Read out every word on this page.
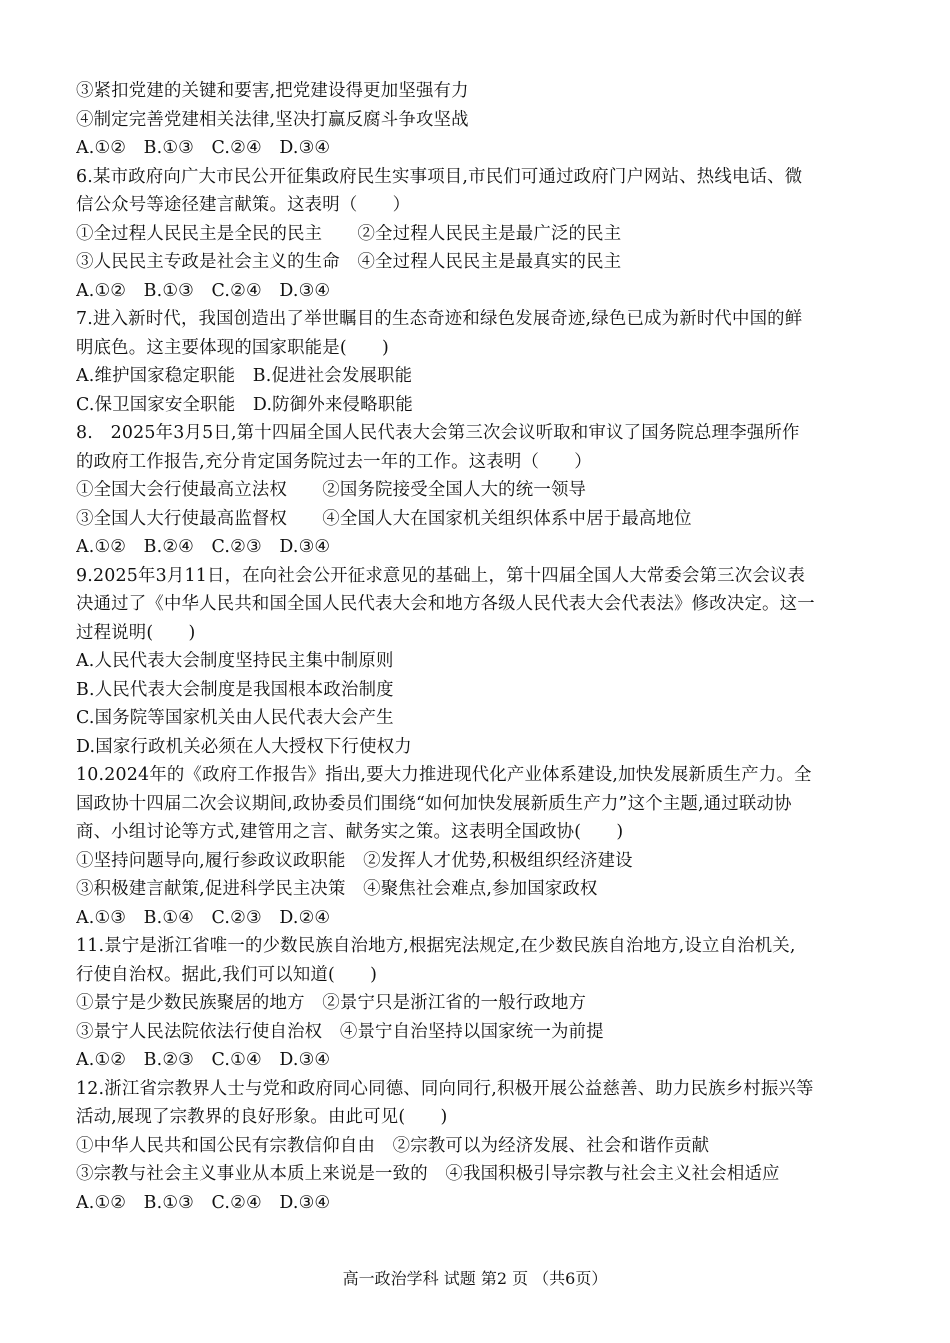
③紧扣党建的关键和要害,把党建设得更加坚强有力
④制定完善党建相关法律,坚决打赢反腐斗争攻坚战
A.①②　B.①③　C.②④　D.③④
6.某市政府向广大市民公开征集政府民生实事项目,市民们可通过政府门户网站、热线电话、微
信公众号等途径建言献策。这表明（　　）
①全过程人民民主是全民的民主　　②全过程人民民主是最广泛的民主
③人民民主专政是社会主义的生命　④全过程人民民主是最真实的民主
A.①②　B.①③　C.②④　D.③④
7.进入新时代，我国创造出了举世瞩目的生态奇迹和绿色发展奇迹,绿色已成为新时代中国的鲜
明底色。这主要体现的国家职能是(　　)
A.维护国家稳定职能　B.促进社会发展职能
C.保卫国家安全职能　D.防御外来侵略职能
8.　2025年3月5日,第十四届全国人民代表大会第三次会议听取和审议了国务院总理李强所作
的政府工作报告,充分肯定国务院过去一年的工作。这表明（　　）
①全国大会行使最高立法权　　②国务院接受全国人大的统一领导
③全国人大行使最高监督权　　④全国人大在国家机关组织体系中居于最高地位
A.①②　B.②④　C.②③　D.③④
9.2025年3月11日，在向社会公开征求意见的基础上，第十四届全国人大常委会第三次会议表
决通过了《中华人民共和国全国人民代表大会和地方各级人民代表大会代表法》修改决定。这一
过程说明(　　)
A.人民代表大会制度坚持民主集中制原则
B.人民代表大会制度是我国根本政治制度
C.国务院等国家机关由人民代表大会产生
D.国家行政机关必须在人大授权下行使权力
10.2024年的《政府工作报告》指出,要大力推进现代化产业体系建设,加快发展新质生产力。全
国政协十四届二次会议期间,政协委员们围绕“如何加快发展新质生产力”这个主题,通过联动协
商、小组讨论等方式,建管用之言、献务实之策。这表明全国政协(　　)
①坚持问题导向,履行参政议政职能　②发挥人才优势,积极组织经济建设
③积极建言献策,促进科学民主决策　④聚焦社会难点,参加国家政权
A.①③　B.①④　C.②③　D.②④
11.景宁是浙江省唯一的少数民族自治地方,根据宪法规定,在少数民族自治地方,设立自治机关,
行使自治权。据此,我们可以知道(　　)
①景宁是少数民族聚居的地方　②景宁只是浙江省的一般行政地方
③景宁人民法院依法行使自治权　④景宁自治坚持以国家统一为前提
A.①②　B.②③　C.①④　D.③④
12.浙江省宗教界人士与党和政府同心同德、同向同行,积极开展公益慈善、助力民族乡村振兴等
活动,展现了宗教界的良好形象。由此可见(　　)
①中华人民共和国公民有宗教信仰自由　②宗教可以为经济发展、社会和谐作贡献
③宗教与社会主义事业从本质上来说是一致的　④我国积极引导宗教与社会主义社会相适应
A.①②　B.①③　C.②④　D.③④
高一政治学科 试题 第2 页 （共6页）
